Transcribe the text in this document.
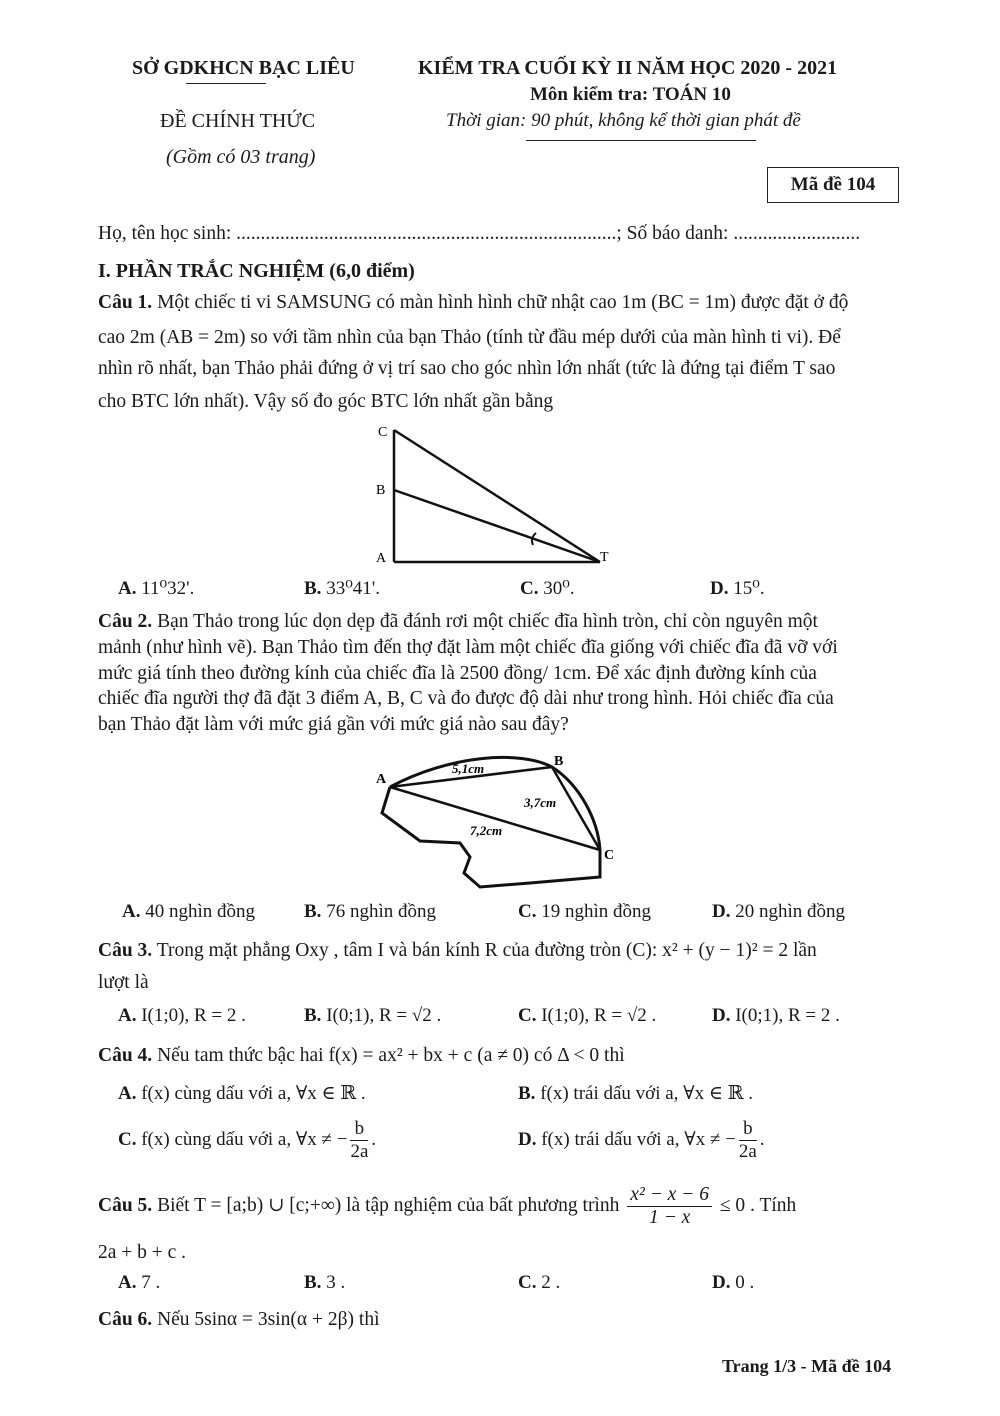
SỞ GDKHCN BẠC LIÊU
ĐỀ CHÍNH THỨC
(Gồm có 03 trang)
KIỂM TRA CUỐI KỲ II NĂM HỌC 2020 - 2021
Môn kiểm tra: TOÁN 10
Thời gian: 90 phút, không kể thời gian phát đề
Mã đề 104
Họ, tên học sinh: ..............................................................................; Số báo danh: ..........................
I. PHẦN TRẮC NGHIỆM (6,0 điểm)
Câu 1. Một chiếc ti vi SAMSUNG có màn hình hình chữ nhật cao 1m (BC = 1m) được đặt ở độ
cao 2m (AB = 2m) so với tầm nhìn của bạn Thảo (tính từ đầu mép dưới của màn hình ti vi). Để
nhìn rõ nhất, bạn Thảo phải đứng ở vị trí sao cho góc nhìn lớn nhất (tức là đứng tại điểm T sao
cho BTC lớn nhất). Vậy số đo góc BTC lớn nhất gần bằng
C
B
A	T
A. 11⁰32'.	B. 33⁰41'.	C. 30⁰.	D. 15⁰.
Câu 2. Bạn Thảo trong lúc dọn dẹp đã đánh rơi một chiếc đĩa hình tròn, chỉ còn nguyên một
mảnh (như hình vẽ). Bạn Thảo tìm đến thợ đặt làm một chiếc đĩa giống với chiếc đĩa đã vỡ với
mức giá tính theo đường kính của chiếc đĩa là 2500 đồng/ 1cm. Để xác định đường kính của
chiếc đĩa người thợ đã đặt 3 điểm A, B, C và đo được độ dài như trong hình. Hỏi chiếc đĩa của
bạn Thảo đặt làm với mức giá gần với mức giá nào sau đây?
A
B
C
5,1cm
3,7cm
7,2cm
A. 40 nghìn đồng	B. 76 nghìn đồng	C. 19 nghìn đồng	D. 20 nghìn đồng
Câu 3. Trong mặt phẳng Oxy , tâm I và bán kính R của đường tròn (C): x² + (y − 1)² = 2 lần
lượt là
A. I(1;0), R = 2 .	B. I(0;1), R = √2 .	C. I(1;0), R = √2 .	D. I(0;1), R = 2 .
Câu 4. Nếu tam thức bậc hai f(x) = ax² + bx + c (a ≠ 0) có Δ < 0 thì
A. f(x) cùng dấu với a, ∀x ∈ ℝ .	B. f(x) trái dấu với a, ∀x ∈ ℝ .
C. f(x) cùng dấu với a, ∀x ≠ − $\frac{b}{2a}$ .	D. f(x) trái dấu với a, ∀x ≠ − $\frac{b}{2a}$ .
Câu 5. Biết T = [a;b) ∪ [c;+∞) là tập nghiệm của bất phương trình $\frac{\text{x² − x − 6}}{1 - x} \le 0$ . Tính
2a + b + c .
A. 7 .	B. 3 .	C. 2 .	D. 0 .
Câu 6. Nếu 5sinα = 3sin(α + 2β) thì
Trang 1/3 - Mã đề 104
